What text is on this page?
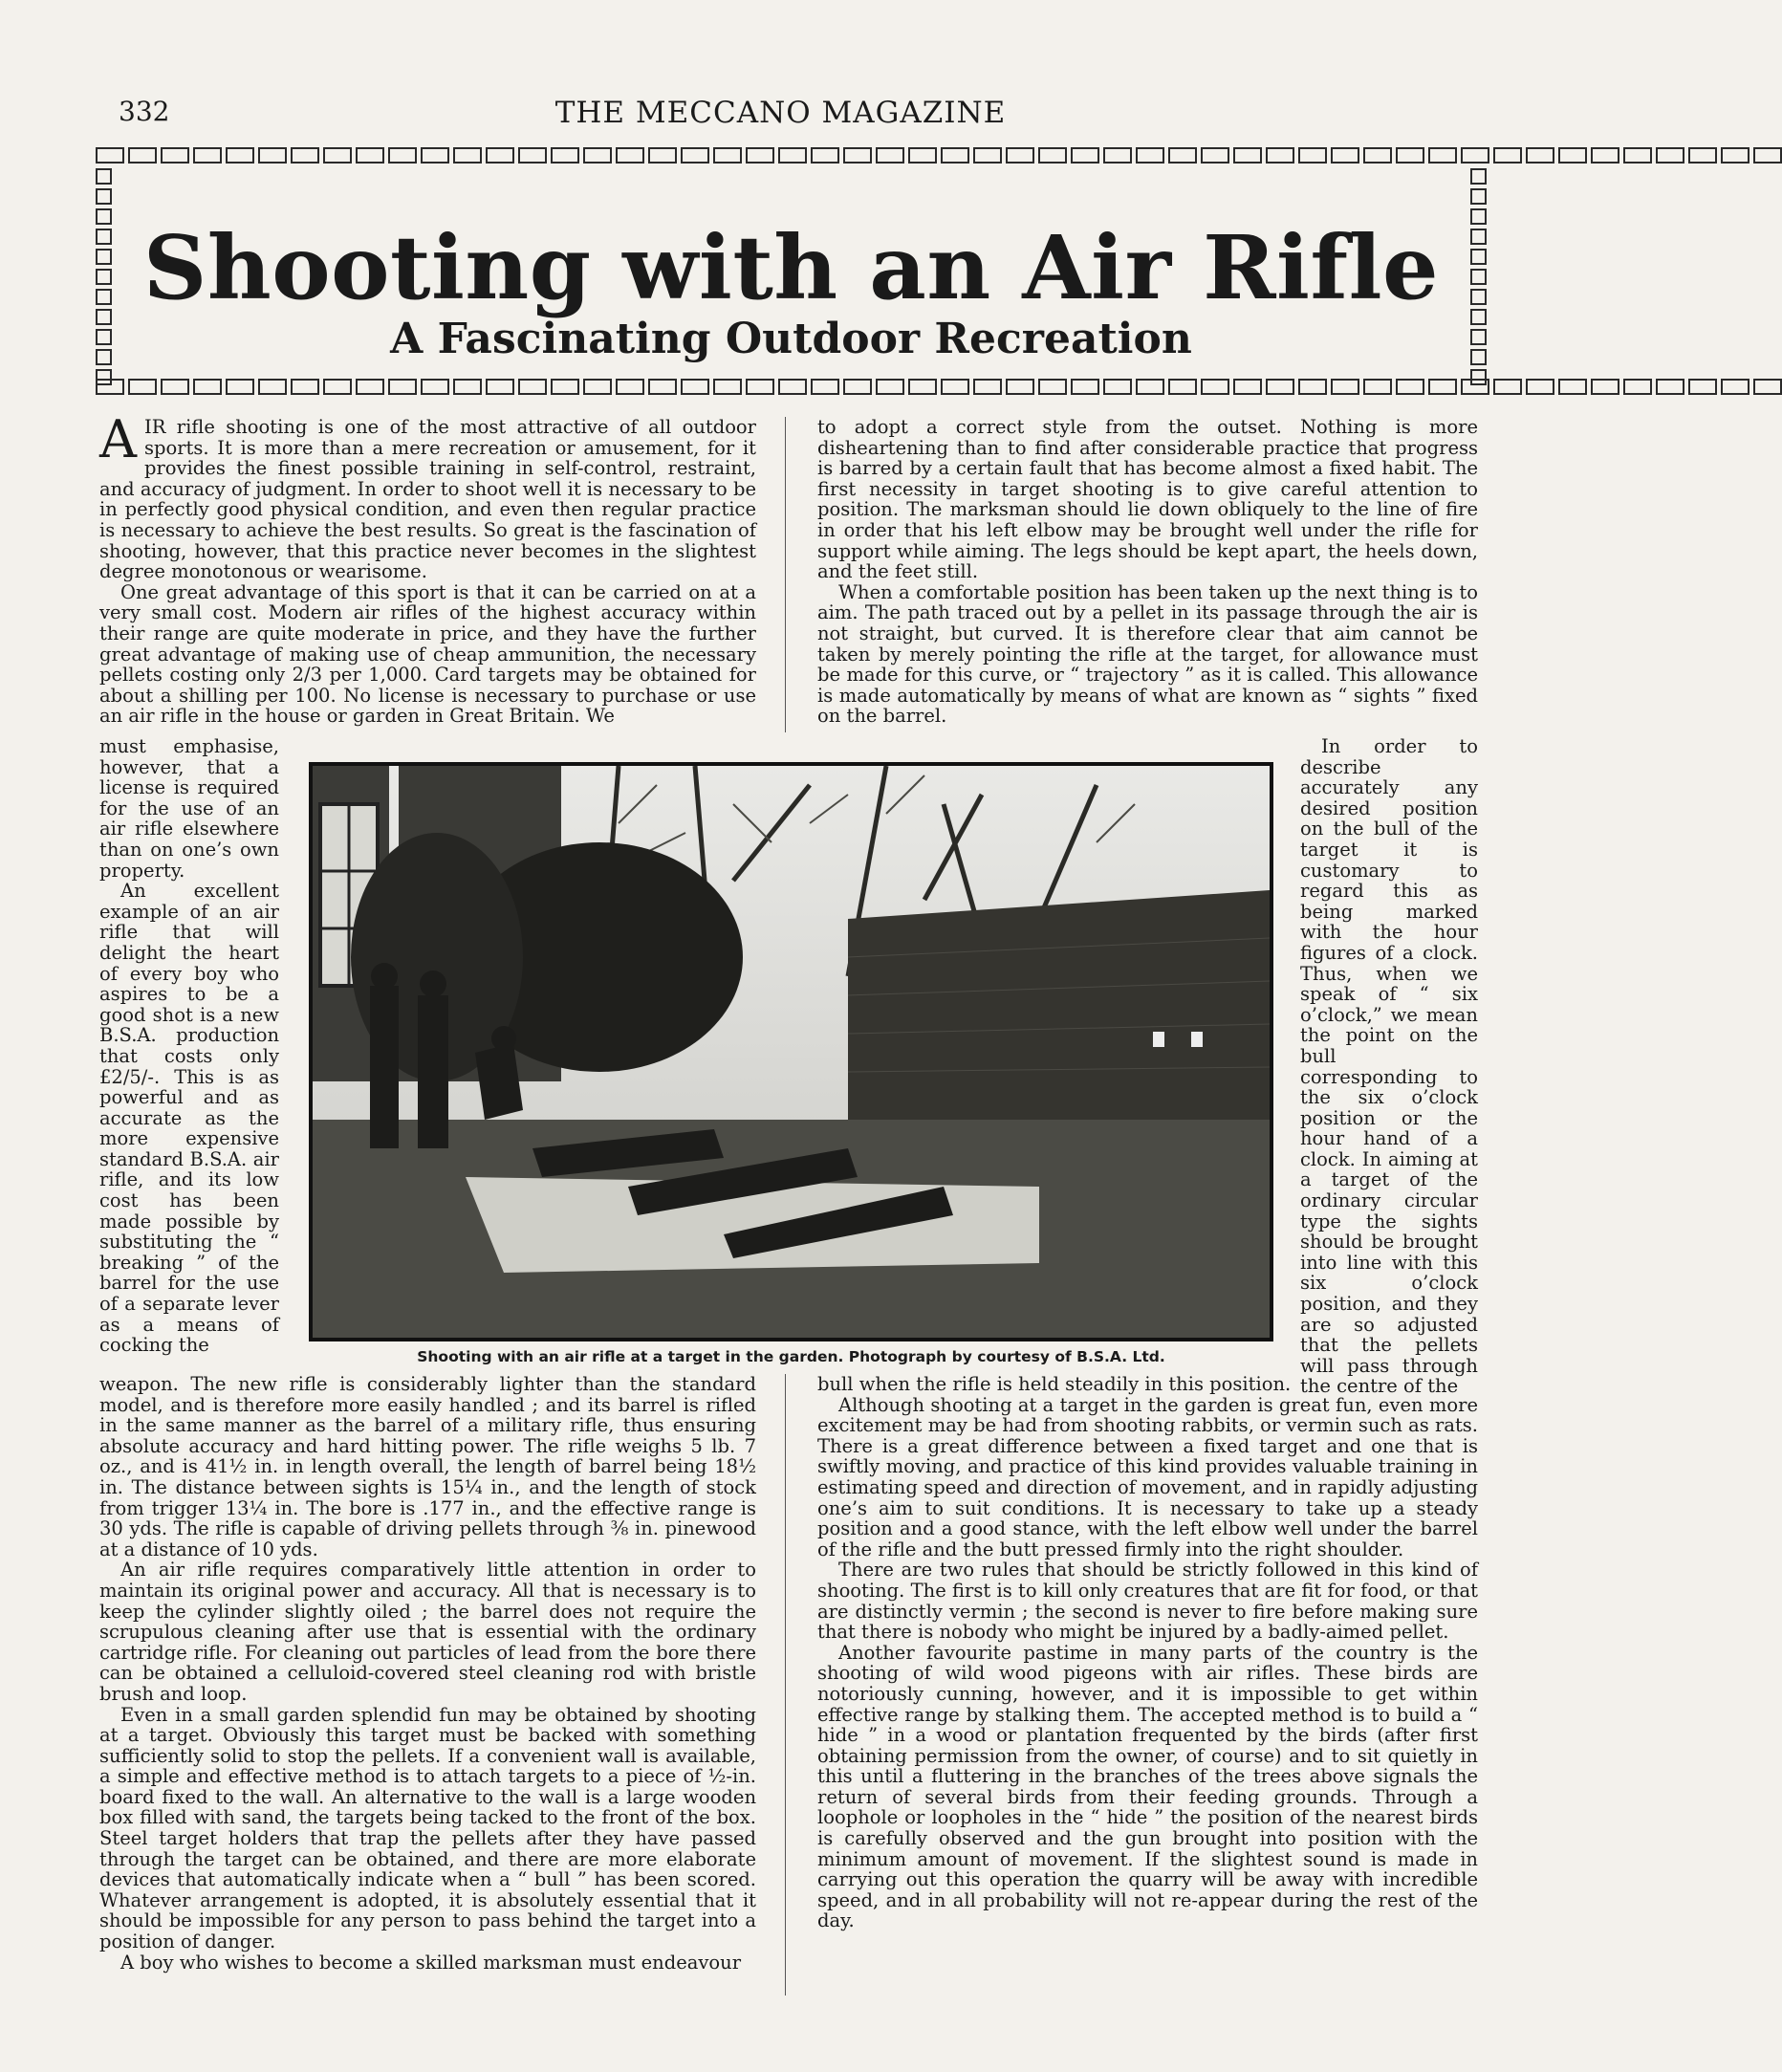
THE MECCANO MAGAZINE
332
Shooting with an Air Rifle
A Fascinating Outdoor Recreation
A IR rifle shooting is one of the most attractive of all outdoor sports. It is more than a mere recreation or amusement, for it provides the finest possible training in self-control, restraint, and accuracy of judgment. In order to shoot well it is necessary to be in perfectly good physical condition, and even then regular practice is necessary to achieve the best results. So great is the fascination of shooting, however, that this practice never becomes in the slightest degree monotonous or wearisome.

One great advantage of this sport is that it can be carried on at a very small cost. Modern air rifles of the highest accuracy within their range are quite moderate in price, and they have the further great advantage of making use of cheap ammunition, the necessary pellets costing only 2/3 per 1,000. Card targets may be obtained for about a shilling per 100. No license is necessary to purchase or use an air rifle in the house or garden in Great Britain. We

to adopt a correct style from the outset. Nothing is more disheartening than to find after considerable practice that progress is barred by a certain fault that has become almost a fixed habit. The first necessity in target shooting is to give careful attention to position. The marksman should lie down obliquely to the line of fire in order that his left elbow may be brought well under the rifle for support while aiming. The legs should be kept apart, the heels down, and the feet still.

When a comfortable position has been taken up the next thing is to aim. The path traced out by a pellet in its passage through the air is not straight, but curved. It is therefore clear that aim cannot be taken by merely pointing the rifle at the target, for allowance must be made for this curve, or “ trajectory ” as it is called. This allowance is made automatically by means of what are known as “ sights ” fixed on the barrel.

must emphasise, however, that a license is required for the use of an air rifle elsewhere than on one’s own property.

An excellent example of an air rifle that will delight the heart of every boy who aspires to be a good shot is a new B.S.A. production that costs only £2/5/-. This is as powerful and as accurate as the more expensive standard B.S.A. air rifle, and its low cost has been made possible by substituting the “ breaking ” of the barrel for the use of a separate lever as a means of cocking the

In order to describe accurately any desired position on the bull of the target it is customary to regard this as being marked with the hour figures of a clock. Thus, when we speak of “ six o’clock,” we mean the point on the bull corresponding to the six o’clock position or the hour hand of a clock. In aiming at a target of the ordinary circular type the sights should be brought into line with this six o’clock position, and they are so adjusted that the pellets will pass through the centre of the

Shooting with an air rifle at a target in the garden. Photograph by courtesy of B.S.A. Ltd.

weapon. The new rifle is considerably lighter than the standard model, and is therefore more easily handled ; and its barrel is rifled in the same manner as the barrel of a military rifle, thus ensuring absolute accuracy and hard hitting power. The rifle weighs 5 lb. 7 oz., and is 41½ in. in length overall, the length of barrel being 18½ in. The distance between sights is 15¼ in., and the length of stock from trigger 13¼ in. The bore is .177 in., and the effective range is 30 yds. The rifle is capable of driving pellets through ⅜ in. pinewood at a distance of 10 yds.

An air rifle requires comparatively little attention in order to maintain its original power and accuracy. All that is necessary is to keep the cylinder slightly oiled ; the barrel does not require the scrupulous cleaning after use that is essential with the ordinary cartridge rifle. For cleaning out particles of lead from the bore there can be obtained a celluloid-covered steel cleaning rod with bristle brush and loop.

Even in a small garden splendid fun may be obtained by shooting at a target. Obviously this target must be backed with something sufficiently solid to stop the pellets. If a convenient wall is available, a simple and effective method is to attach targets to a piece of ½-in. board fixed to the wall. An alternative to the wall is a large wooden box filled with sand, the targets being tacked to the front of the box. Steel target holders that trap the pellets after they have passed through the target can be obtained, and there are more elaborate devices that automatically indicate when a “ bull ” has been scored. Whatever arrangement is adopted, it is absolutely essential that it should be impossible for any person to pass behind the target into a position of danger.

A boy who wishes to become a skilled marksman must endeavour

bull when the rifle is held steadily in this position.

Although shooting at a target in the garden is great fun, even more excitement may be had from shooting rabbits, or vermin such as rats. There is a great difference between a fixed target and one that is swiftly moving, and practice of this kind provides valuable training in estimating speed and direction of movement, and in rapidly adjusting one’s aim to suit conditions. It is necessary to take up a steady position and a good stance, with the left elbow well under the barrel of the rifle and the butt pressed firmly into the right shoulder.

There are two rules that should be strictly followed in this kind of shooting. The first is to kill only creatures that are fit for food, or that are distinctly vermin ; the second is never to fire before making sure that there is nobody who might be injured by a badly-aimed pellet.

Another favourite pastime in many parts of the country is the shooting of wild wood pigeons with air rifles. These birds are notoriously cunning, however, and it is impossible to get within effective range by stalking them. The accepted method is to build a “ hide ” in a wood or plantation frequented by the birds (after first obtaining permission from the owner, of course) and to sit quietly in this until a fluttering in the branches of the trees above signals the return of several birds from their feeding grounds. Through a loophole or loopholes in the “ hide ” the position of the nearest birds is carefully observed and the gun brought into position with the minimum amount of movement. If the slightest sound is made in carrying out this operation the quarry will be away with incredible speed, and in all probability will not re-appear during the rest of the day.
